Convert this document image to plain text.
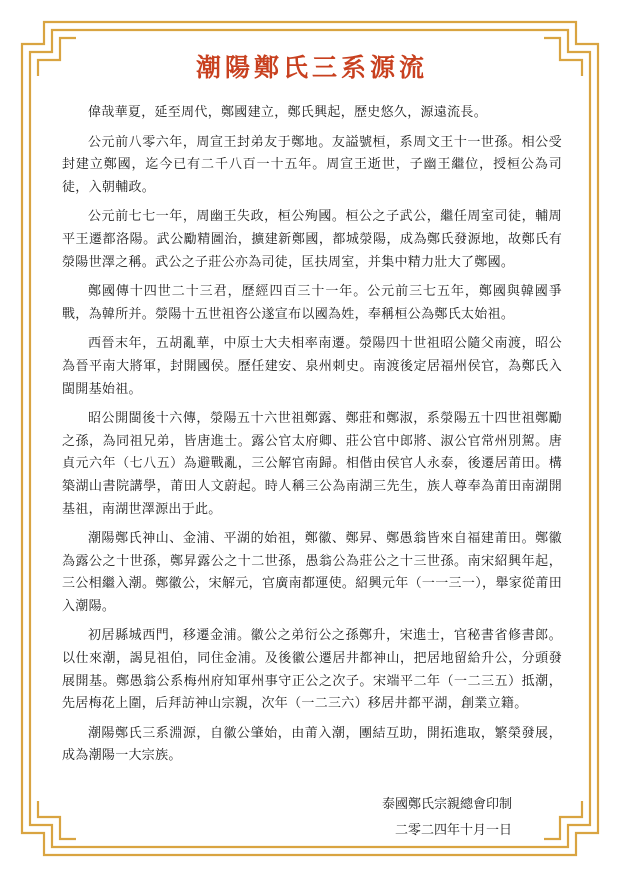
潮陽鄭氏三系源流

偉哉華夏，延至周代，鄭國建立，鄭氏興起，歷史悠久，源遠流長。

公元前八零六年，周宣王封弟友于鄭地。友謚號桓，系周文王十一世孫。相公受封建立鄭國，迄今已有二千八百一十五年。周宣王逝世，子幽王繼位，授桓公為司徒，入朝輔政。

公元前七七一年，周幽王失政，桓公殉國。桓公之子武公，繼任周室司徒，輔周平王遷都洛陽。武公勵精圖治，擴建新鄭國，都城滎陽，成為鄭氏發源地，故鄭氏有滎陽世澤之稱。武公之子莊公亦為司徒，匡扶周室，并集中精力壯大了鄭國。

鄭國傳十四世二十三君，歷經四百三十一年。公元前三七五年，鄭國與韓國爭戰，為韓所并。滎陽十五世祖咨公遂宣布以國為姓，奉稱桓公為鄭氏太始祖。

西晉末年，五胡亂華，中原士大夫相率南遷。滎陽四十世祖昭公隨父南渡，昭公為晉平南大將軍，封開國侯。歷任建安、泉州刺史。南渡後定居福州侯官，為鄭氏入閩開基始祖。

昭公開閩後十六傳，滎陽五十六世祖鄭露、鄭莊和鄭淑，系滎陽五十四世祖鄭勵之孫，為同祖兄弟，皆唐進士。露公官太府卿、莊公官中郎將、淑公官常州別駕。唐貞元六年（七八五）為避戰亂，三公解官南歸。相偕由侯官人永泰，後遷居莆田。構築湖山書院講學，莆田人文蔚起。時人稱三公為南湖三先生，族人尊奉為莆田南湖開基祖，南湖世澤源出于此。

潮陽鄭氏神山、金浦、平湖的始祖，鄭徽、鄭昇、鄭愚翁皆來自福建莆田。鄭徽為露公之十世孫，鄭昇露公之十二世孫，愚翁公為莊公之十三世孫。南宋紹興年起，三公相繼入潮。鄭徽公，宋解元，官廣南都運使。紹興元年（一一三一），舉家從莆田入潮陽。

初居縣城西門，移遷金浦。徽公之弟衍公之孫鄭升，宋進士，官秘書省修書郎。以仕來潮，謁見祖伯，同住金浦。及後徽公遷居井都神山，把居地留給升公，分頭發展開基。鄭愚翁公系梅州府知軍州事守正公之次子。宋端平二年（一二三五）抵潮，先居梅花上圍，后拜訪神山宗親，次年（一二三六）移居井都平湖，創業立籍。

潮陽鄭氏三系淵源，自徽公肇始，由莆入潮，團結互助，開拓進取，繁榮發展，成為潮陽一大宗族。

泰國鄭氏宗親總會印制
二零二四年十月一日
